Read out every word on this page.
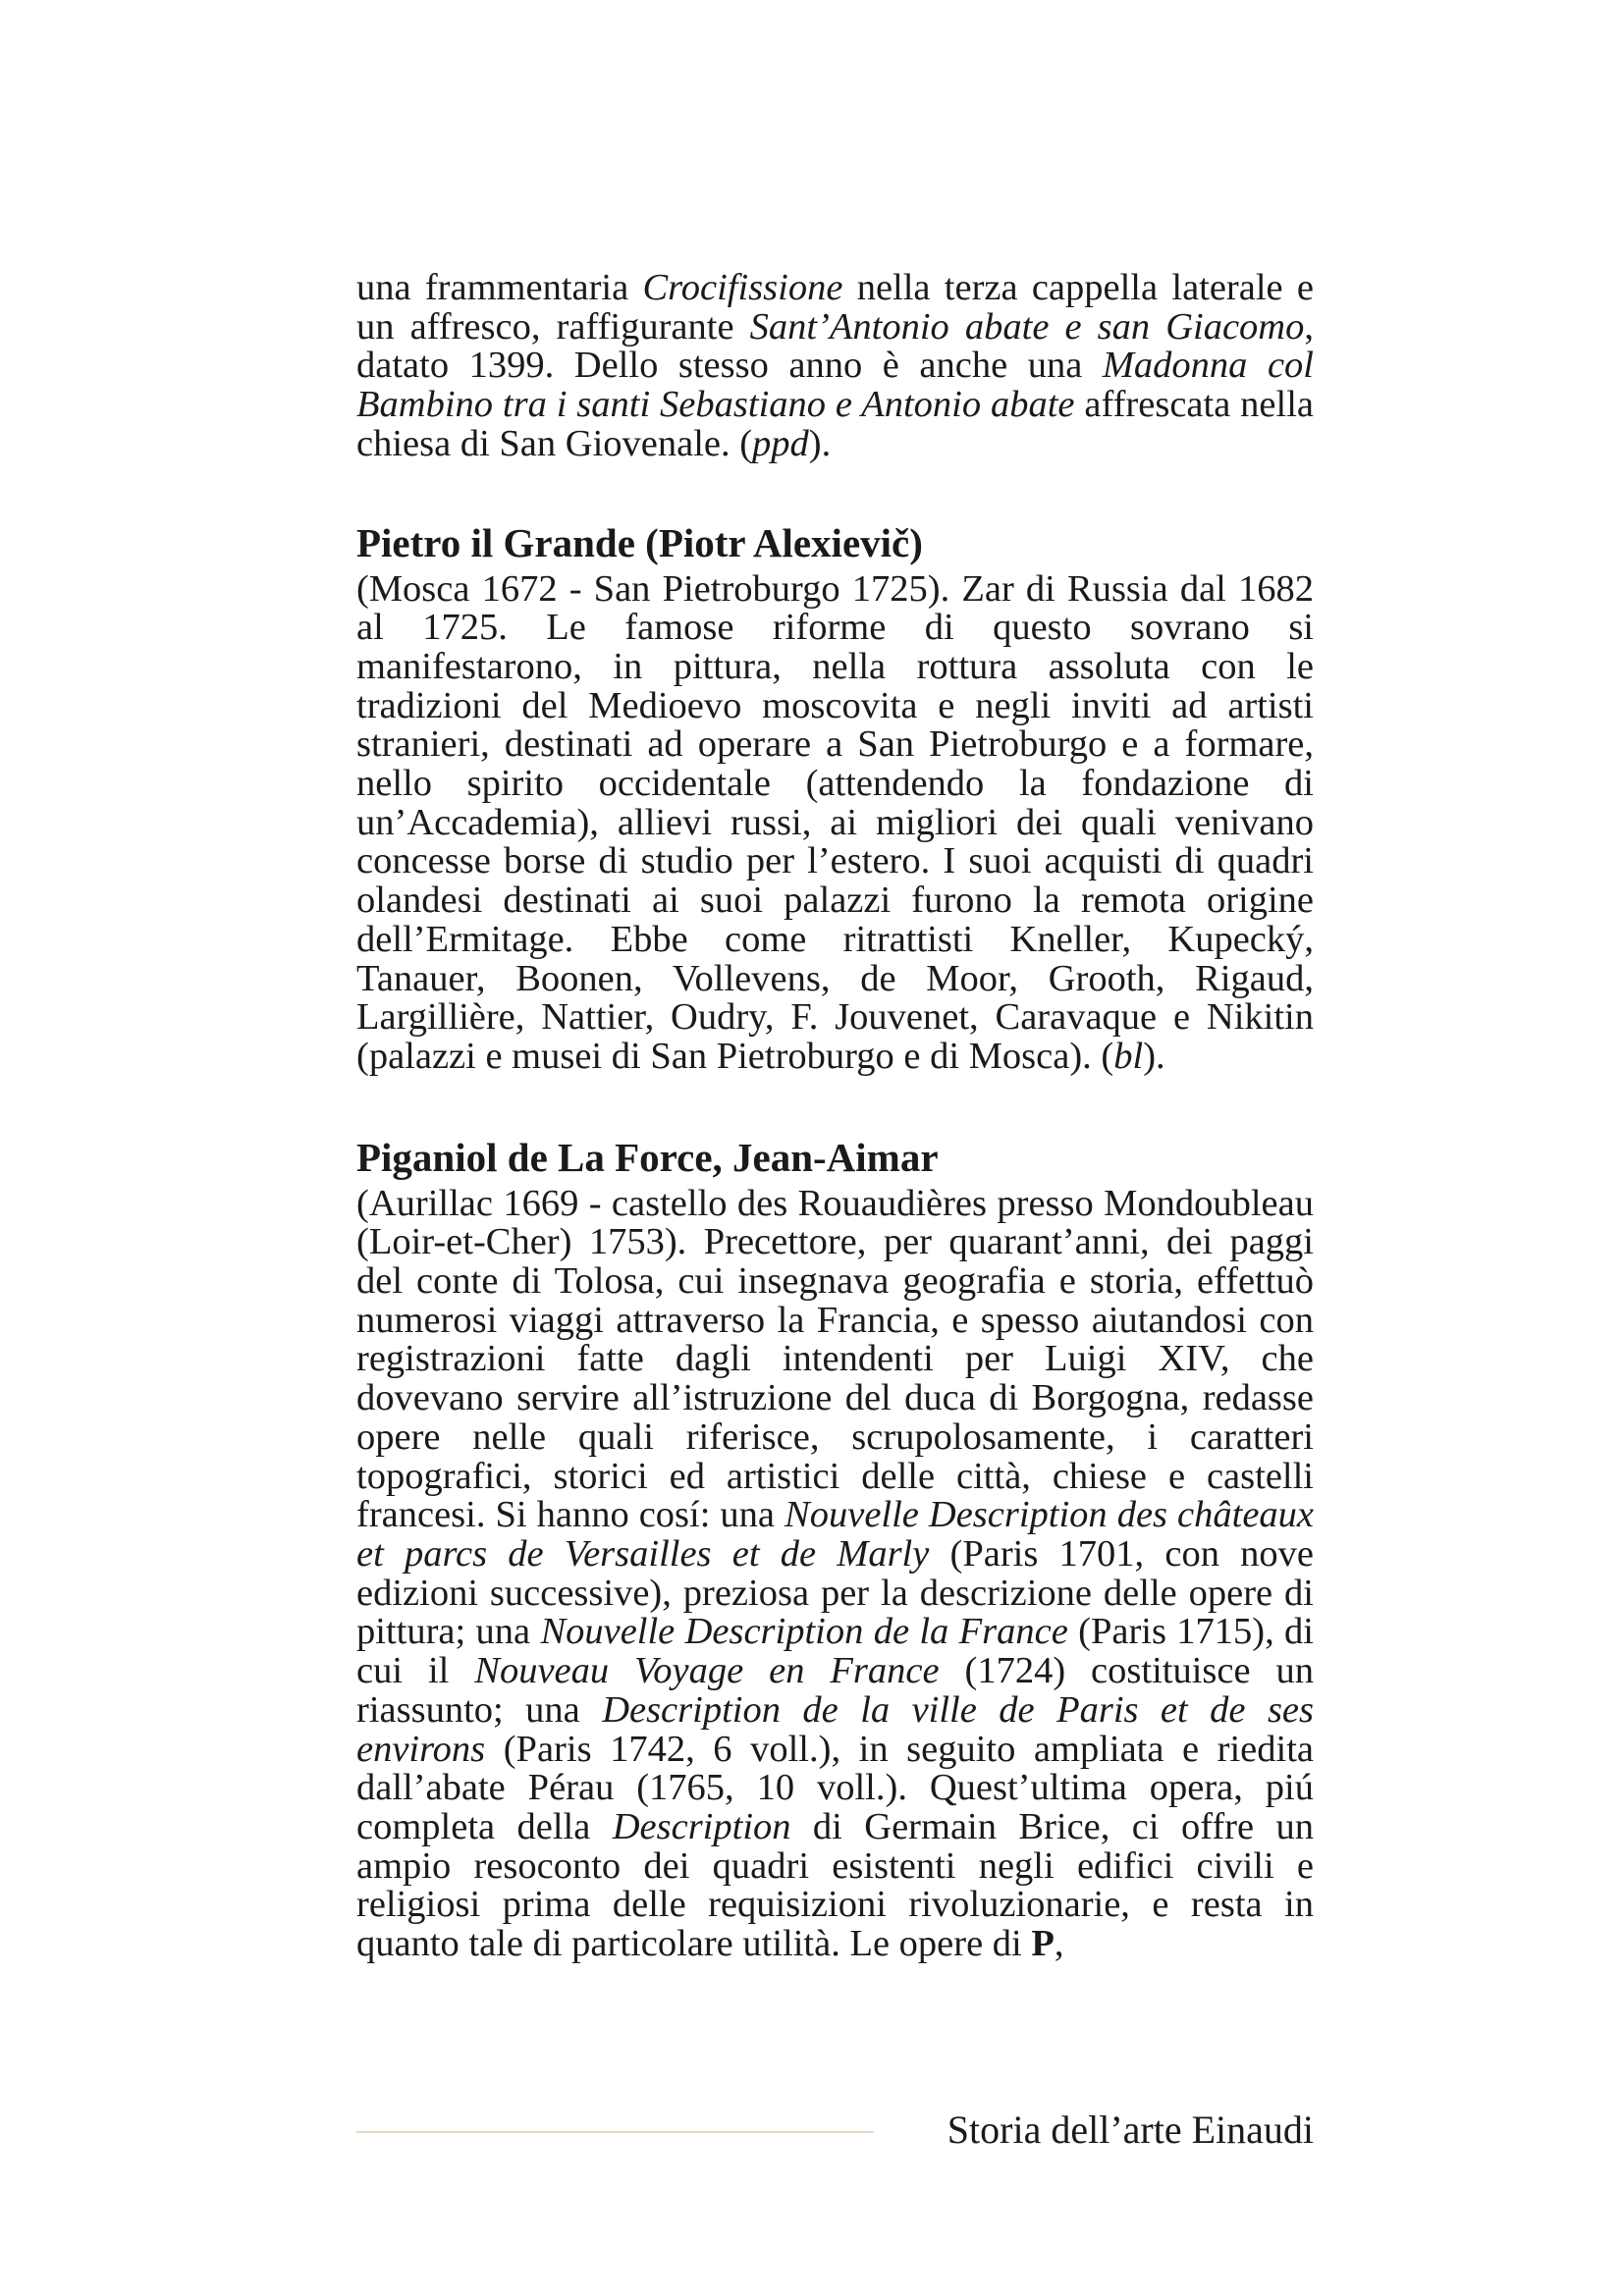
una frammentaria Crocifissione nella terza cappella laterale e un affresco, raffigurante Sant’Antonio abate e san Giacomo, datato 1399. Dello stesso anno è anche una Madonna col Bambino tra i santi Sebastiano e Antonio abate affrescata nella chiesa di San Giovenale. (ppd).

Pietro il Grande (Piotr Alexievič)

(Mosca 1672 - San Pietroburgo 1725). Zar di Russia dal 1682 al 1725. Le famose riforme di questo sovrano si manifestarono, in pittura, nella rottura assoluta con le tradizioni del Medioevo moscovita e negli inviti ad artisti stranieri, destinati ad operare a San Pietroburgo e a formare, nello spirito occidentale (attendendo la fondazione di un’Accademia), allievi russi, ai migliori dei quali venivano concesse borse di studio per l’estero. I suoi acquisti di quadri olandesi destinati ai suoi palazzi furono la remota origine dell’Ermitage. Ebbe come ritrattisti Kneller, Kupecký, Tanauer, Boonen, Vollevens, de Moor, Grooth, Rigaud, Largillière, Nattier, Oudry, F. Jouvenet, Caravaque e Nikitin (palazzi e musei di San Pietroburgo e di Mosca). (bl).

Piganiol de La Force, Jean-Aimar

(Aurillac 1669 - castello des Rouaudières presso Mondoubleau (Loir-et-Cher) 1753). Precettore, per quarant’anni, dei paggi del conte di Tolosa, cui insegnava geografia e storia, effettuò numerosi viaggi attraverso la Francia, e spesso aiutandosi con registrazioni fatte dagli intendenti per Luigi XIV, che dovevano servire all’istruzione del duca di Borgogna, redasse opere nelle quali riferisce, scrupolosamente, i caratteri topografici, storici ed artistici delle città, chiese e castelli francesi. Si hanno cosí: una Nouvelle Description des châteaux et parcs de Versailles et de Marly (Paris 1701, con nove edizioni successive), preziosa per la descrizione delle opere di pittura; una Nouvelle Description de la France (Paris 1715), di cui il Nouveau Voyage en France (1724) costituisce un riassunto; una Description de la ville de Paris et de ses environs (Paris 1742, 6 voll.), in seguito ampliata e riedita dall’abate Pérau (1765, 10 voll.). Quest’ultima opera, piú completa della Description di Germain Brice, ci offre un ampio resoconto dei quadri esistenti negli edifici civili e religiosi prima delle requisizioni rivoluzionarie, e resta in quanto tale di particolare utilità. Le opere di P,

Storia dell’arte Einaudi
